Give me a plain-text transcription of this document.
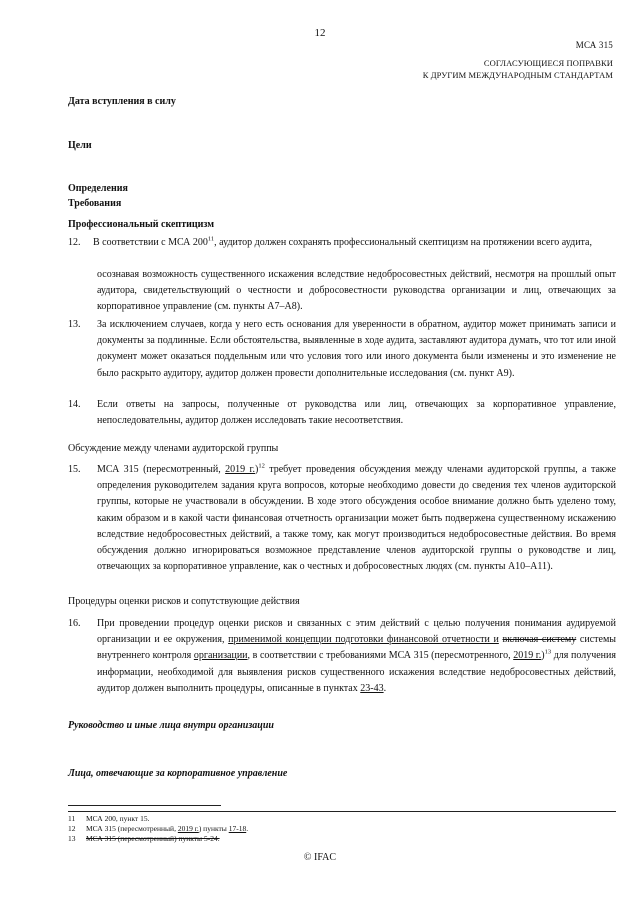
12
МСА 315
СОГЛАСУЮЩИЕСЯ ПОПРАВКИ
К ДРУГИМ МЕЖДУНАРОДНЫМ СТАНДАРТАМ
Дата вступления в силу
Цели
Определения
Требования
Профессиональный скептицизм
12. В соответствии с МСА $200^{11}$, аудитор должен сохранять профессиональный скептицизм на протяжении всего аудита,
осознавая возможность существенного искажения вследствие недобросовестных действий, несмотря на прошлый опыт аудитора, свидетельствующий о честности и добросовестности руководства организации и лиц, отвечающих за корпоративное управление (см. пункты А7–А8).
13. За исключением случаев, когда у него есть основания для уверенности в обратном, аудитор может принимать записи и документы за подлинные. Если обстоятельства, выявленные в ходе аудита, заставляют аудитора думать, что тот или иной документ может оказаться поддельным или что условия того или иного документа были изменены и это изменение не было раскрыто аудитору, аудитор должен провести дополнительные исследования (см. пункт А9).
14. Если ответы на запросы, полученные от руководства или лиц, отвечающих за корпоративное управление, непоследовательны, аудитор должен исследовать такие несоответствия.
Обсуждение между членами аудиторской группы
15. МСА 315 (пересмотренный, 2019 г.)$^{12}$ требует проведения обсуждения между членами аудиторской группы, а также определения руководителем задания круга вопросов, которые необходимо довести до сведения тех членов аудиторской группы, которые не участвовали в обсуждении. В ходе этого обсуждения особое внимание должно быть уделено тому, каким образом и в какой части финансовая отчетность организации может быть подвержена существенному искажению вследствие недобросовестных действий, а также тому, как могут производиться недобросовестные действия. Во время обсуждения должно игнорироваться возможное представление членов аудиторской группы о руководстве и лиц, отвечающих за корпоративное управление, как о честных и добросовестных людях (см. пункты А10–А11).
Процедуры оценки рисков и сопутствующие действия
16. При проведении процедур оценки рисков и связанных с этим действий с целью получения понимания аудируемой организации и ее окружения, применимой концепции подготовки финансовой отчетности и включая систему системы внутреннего контроля организации, в соответствии с требованиями МСА 315 (пересмотренного, 2019 г.)$^{13}$ для получения информации, необходимой для выявления рисков существенного искажения вследствие недобросовестных действий, аудитор должен выполнить процедуры, описанные в пунктах 23-43.
Руководство и иные лица внутри организации
Лица, отвечающие за корпоративное управление
11 МСА 200, пункт 15.
12 МСА 315 (пересмотренный, 2019 г.) пункты 17-18.
13 МСА 315 (пересмотренный) пункты 5-24.
© IFAC
